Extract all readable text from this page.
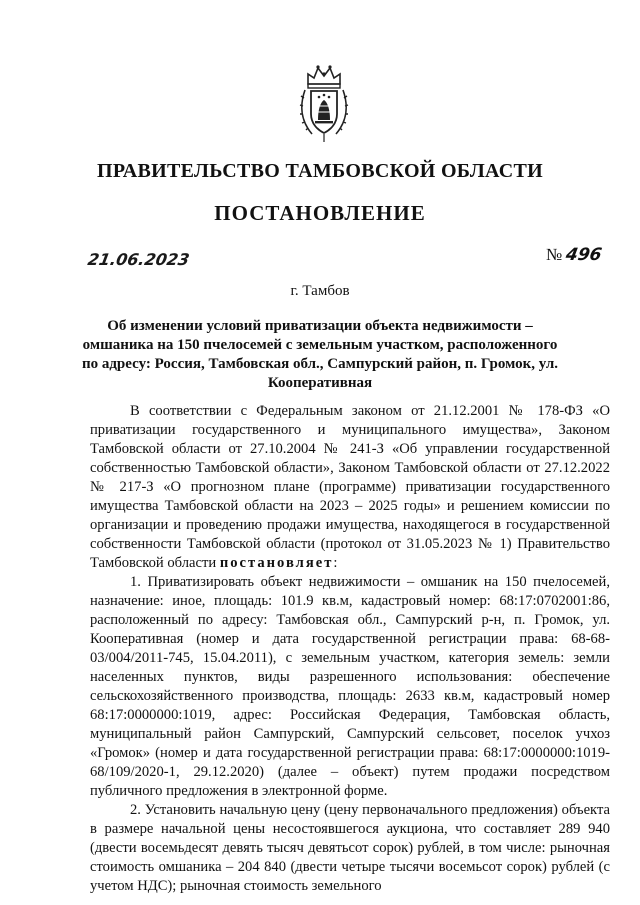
ПРАВИТЕЛЬСТВО ТАМБОВСКОЙ ОБЛАСТИ
ПОСТАНОВЛЕНИЕ
21.06.2023	№ 496
г. Тамбов
Об изменении условий приватизации объекта недвижимости – омшаника на 150 пчелосемей с земельным участком, расположенного по адресу: Россия, Тамбовская обл., Сампурский район, п. Громок, ул. Кооперативная

В соответствии с Федеральным законом от 21.12.2001 № 178-ФЗ «О приватизации государственного и муниципального имущества», Законом Тамбовской области от 27.10.2004 № 241-З «Об управлении государственной собственностью Тамбовской области», Законом Тамбовской области от 27.12.2022 № 217-З «О прогнозном плане (программе) приватизации государственного имущества Тамбовской области на 2023 – 2025 годы» и решением комиссии по организации и проведению продажи имущества, находящегося в государственной собственности Тамбовской области (протокол от 31.05.2023 № 1) Правительство Тамбовской области постановляет:

1. Приватизировать объект недвижимости – омшаник на 150 пчелосемей, назначение: иное, площадь: 101.9 кв.м, кадастровый номер: 68:17:0702001:86, расположенный по адресу: Тамбовская обл., Сампурский р-н, п. Громок, ул. Кооперативная (номер и дата государственной регистрации права: 68-68-03/004/2011-745, 15.04.2011), с земельным участком, категория земель: земли населенных пунктов, виды разрешенного использования: обеспечение сельскохозяйственного производства, площадь: 2633 кв.м, кадастровый номер 68:17:0000000:1019, адрес: Российская Федерация, Тамбовская область, муниципальный район Сампурский, Сампурский сельсовет, поселок учхоз «Громок» (номер и дата государственной регистрации права: 68:17:0000000:1019-68/109/2020-1, 29.12.2020) (далее – объект) путем продажи посредством публичного предложения в электронной форме.

2. Установить начальную цену (цену первоначального предложения) объекта в размере начальной цены несостоявшегося аукциона, что составляет 289 940 (двести восемьдесят девять тысяч девятьсот сорок) рублей, в том числе: рыночная стоимость омшаника – 204 840 (двести четыре тысячи восемьсот сорок) рублей (с учетом НДС); рыночная стоимость земельного
